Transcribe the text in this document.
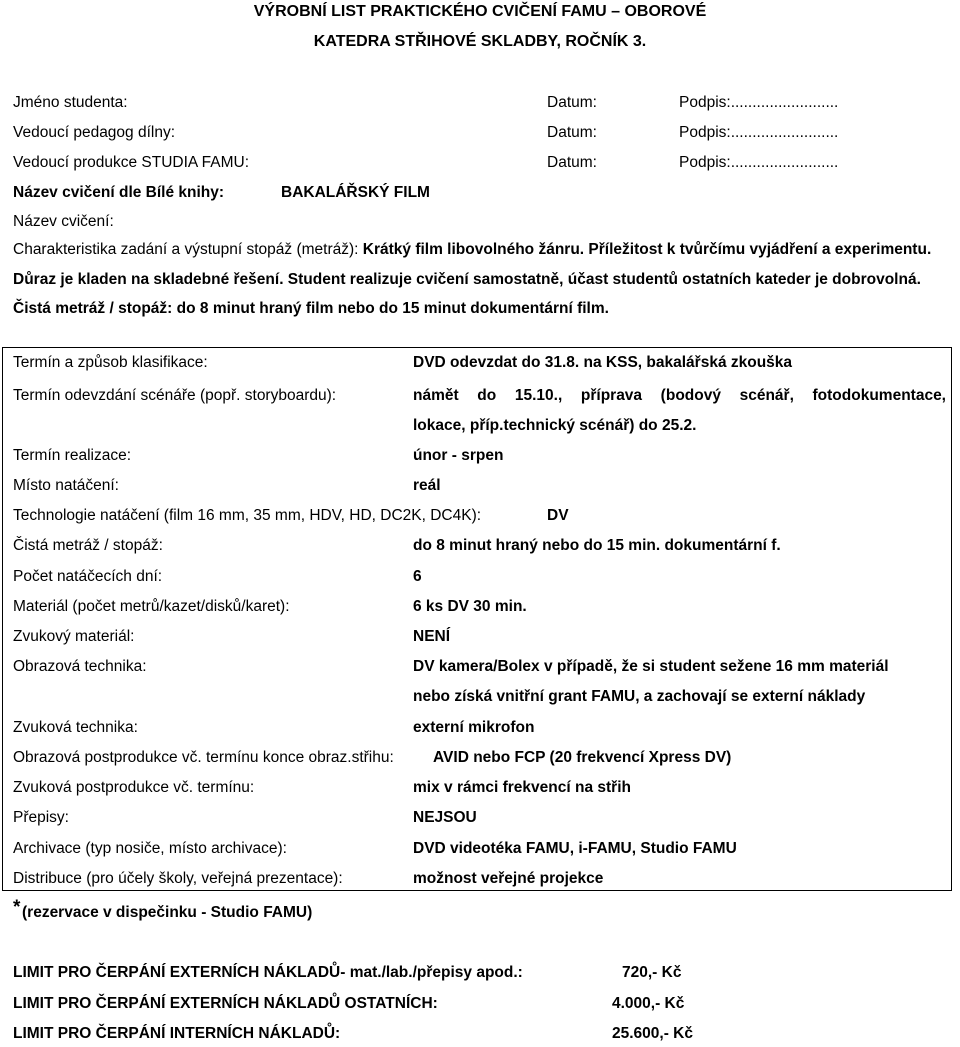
VÝROBNÍ LIST PRAKTICKÉHO CVIČENÍ FAMU – OBOROVÉ
KATEDRA STŘIHOVÉ SKLADBY, ROČNÍK 3.
Jméno studenta:	Datum:	Podpis:.........................
Vedoucí pedagog dílny:	Datum:	Podpis:.........................
Vedoucí produkce STUDIA FAMU:	Datum:	Podpis:.........................
Název cvičení dle Bílé knihy:	BAKALÁŘSKÝ FILM
Název cvičení:
Charakteristika zadání a výstupní stopáž (metráž): Krátký film libovolného žánru. Příležitost k tvůrčímu vyjádření a experimentu. Důraz je kladen na skladebné řešení. Student realizuje cvičení samostatně, účast studentů ostatních kateder je dobrovolná. Čistá metráž / stopáž: do 8 minut hraný film nebo do 15 minut dokumentární film.
Termín a způsob klasifikace:	DVD odevzdat do 31.8. na KSS, bakalářská zkouška
Termín odevzdání scénáře (popř. storyboardu):	námět do 15.10., příprava (bodový scénář, fotodokumentace,
lokace, příp.technický scénář) do 25.2.
Termín realizace:	únor - srpen
Místo natáčení:	reál
Technologie natáčení (film 16 mm, 35 mm, HDV, HD, DC2K, DC4K):	DV
Čistá metráž / stopáž:	do 8 minut hraný nebo do 15 min. dokumentární f.
Počet natáčecích dní:	6
Materiál (počet metrů/kazet/disků/karet):	6 ks DV 30 min.
Zvukový materiál:	NENÍ
Obrazová technika:	DV kamera/Bolex v případě, že si student sežene 16 mm materiál
nebo získá vnitřní grant FAMU, a zachovají se externí náklady
Zvuková technika:	externí mikrofon
Obrazová postprodukce vč. termínu konce obraz.střihu:	AVID nebo FCP (20 frekvencí Xpress DV)
Zvuková postprodukce vč. termínu:	mix v rámci frekvencí na střih
Přepisy:	NEJSOU
Archivace (typ nosiče, místo archivace):	DVD videotéka FAMU, i-FAMU, Studio FAMU
Distribuce (pro účely školy, veřejná prezentace):	možnost veřejné projekce
* (rezervace v dispečinku - Studio FAMU)
LIMIT PRO ČERPÁNÍ EXTERNÍCH NÁKLADŮ- mat./lab./přepisy apod.:	720,- Kč
LIMIT PRO ČERPÁNÍ EXTERNÍCH NÁKLADŮ OSTATNÍCH:	4.000,- Kč
LIMIT PRO ČERPÁNÍ INTERNÍCH NÁKLADŮ:	25.600,- Kč
